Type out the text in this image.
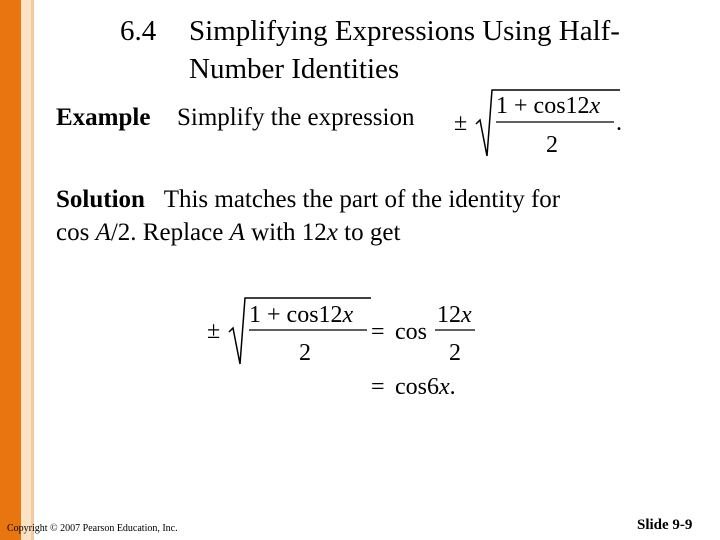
6.4 Simplifying Expressions Using Half-
Number Identities
Example Simplify the expression ±
1 + cos12x
2
.
Solution This matches the part of the identity for
cos A/2. Replace A with 12x to get
±
1 + cos12x
2
= cos
12x
2
= cos6x.
Copyright © 2007 Pearson Education, Inc.	Slide 9-9
